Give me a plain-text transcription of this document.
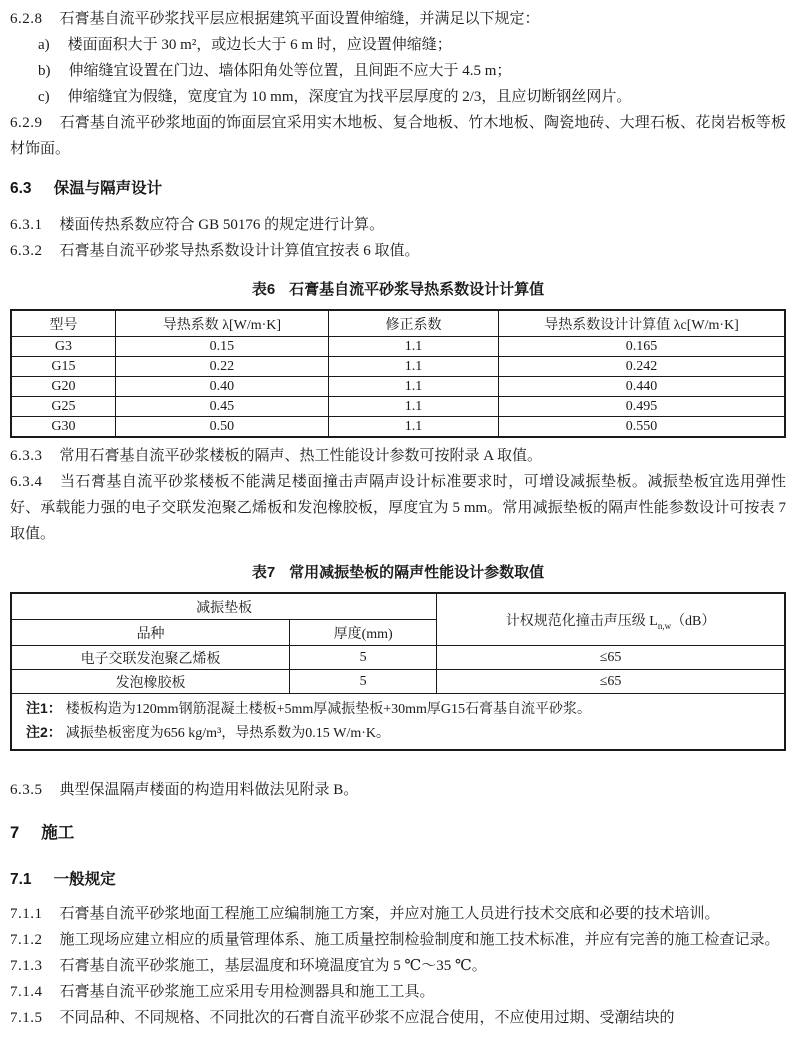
6.2.8 石膏基自流平砂浆找平层应根据建筑平面设置伸缩缝，并满足以下规定：

a) 楼面面积大于 30 m²，或边长大于 6 m 时，应设置伸缩缝；

b) 伸缩缝宜设置在门边、墙体阳角处等位置，且间距不应大于 4.5 m；

c) 伸缩缝宜为假缝，宽度宜为 10 mm，深度宜为找平层厚度的 2/3，且应切断钢丝网片。

6.2.9 石膏基自流平砂浆地面的饰面层宜采用实木地板、复合地板、竹木地板、陶瓷地砖、大理石板、花岗岩板等板材饰面。

6.3 保温与隔声设计

6.3.1 楼面传热系数应符合 GB 50176 的规定进行计算。

6.3.2 石膏基自流平砂浆导热系数设计计算值宜按表 6 取值。

表6 石膏基自流平砂浆导热系数设计计算值
型号	导热系数 λ[W/m·K]	修正系数	导热系数设计计算值 λc[W/m·K]
G3	0.15	1.1	0.165
G15	0.22	1.1	0.242
G20	0.40	1.1	0.440
G25	0.45	1.1	0.495
G30	0.50	1.1	0.550

6.3.3 常用石膏基自流平砂浆楼板的隔声、热工性能设计参数可按附录 A 取值。

6.3.4 当石膏基自流平砂浆楼板不能满足楼面撞击声隔声设计标准要求时，可增设减振垫板。减振垫板宜选用弹性好、承载能力强的电子交联发泡聚乙烯板和发泡橡胶板，厚度宜为 5 mm。常用减振垫板的隔声性能参数设计可按表 7 取值。

表7 常用减振垫板的隔声性能设计参数取值
减振垫板		计权规范化撞击声压级 $L_{n,w}(dB)$
品种	厚度(mm)	
电子交联发泡聚乙烯板	5	≤65
发泡橡胶板	5	≤65

注1： 楼板构造为120mm钢筋混凝土楼板+5mm厚减振垫板+30mm厚G15石膏基自流平砂浆。

注2： 减振垫板密度为656 kg/m³，导热系数为0.15 W/m·K。		

6.3.5 典型保温隔声楼面的构造用料做法见附录 B。

7 施工
7.1 一般规定

7.1.1 石膏基自流平砂浆地面工程施工应编制施工方案，并应对施工人员进行技术交底和必要的技术培训。

7.1.2 施工现场应建立相应的质量管理体系、施工质量控制检验制度和施工技术标准，并应有完善的施工检查记录。

7.1.3 石膏基自流平砂浆施工，基层温度和环境温度宜为 5 ℃～35 ℃。

7.1.4 石膏基自流平砂浆施工应采用专用检测器具和施工工具。

7.1.5 不同品种、不同规格、不同批次的石膏自流平砂浆不应混合使用，不应使用过期、受潮结块的
